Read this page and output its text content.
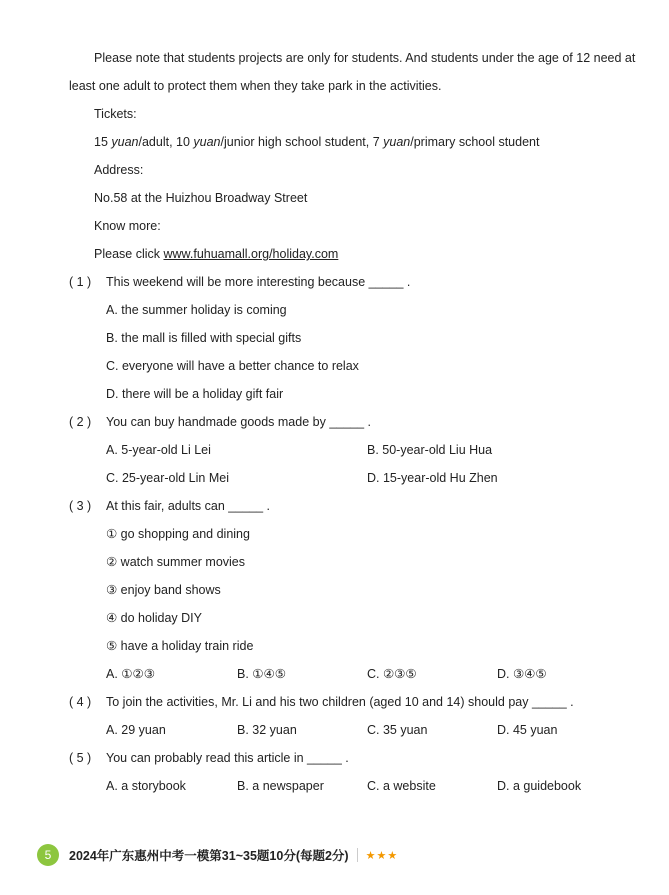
Please note that students projects are only for students. And students under the age of 12 need at
least one adult to protect them when they take park in the activities.
Tickets:
15 yuan/adult, 10 yuan/junior high school student, 7 yuan/primary school student
Address:
No.58 at the Huizhou Broadway Street
Know more:
Please click www.fuhuamall.org/holiday.com
( 1 ) This weekend will be more interesting because _____ .
A. the summer holiday is coming
B. the mall is filled with special gifts
C. everyone will have a better chance to relax
D. there will be a holiday gift fair
( 2 ) You can buy handmade goods made by _____ .
A. 5-year-old Li Lei	B. 50-year-old Liu Hua
C. 25-year-old Lin Mei	D. 15-year-old Hu Zhen
( 3 ) At this fair, adults can _____ .
① go shopping and dining
② watch summer movies
③ enjoy band shows
④ do holiday DIY
⑤ have a holiday train ride
A. ①②③	B. ①④⑤	C. ②③⑤	D. ③④⑤
( 4 ) To join the activities, Mr. Li and his two children (aged 10 and 14) should pay _____ .
A. 29 yuan	B. 32 yuan	C. 35 yuan	D. 45 yuan
( 5 ) You can probably read this article in _____ .
A. a storybook	B. a newspaper	C. a website	D. a guidebook
5	2024年广东惠州中考一模第31~35题10分(每题2分) ★★★
